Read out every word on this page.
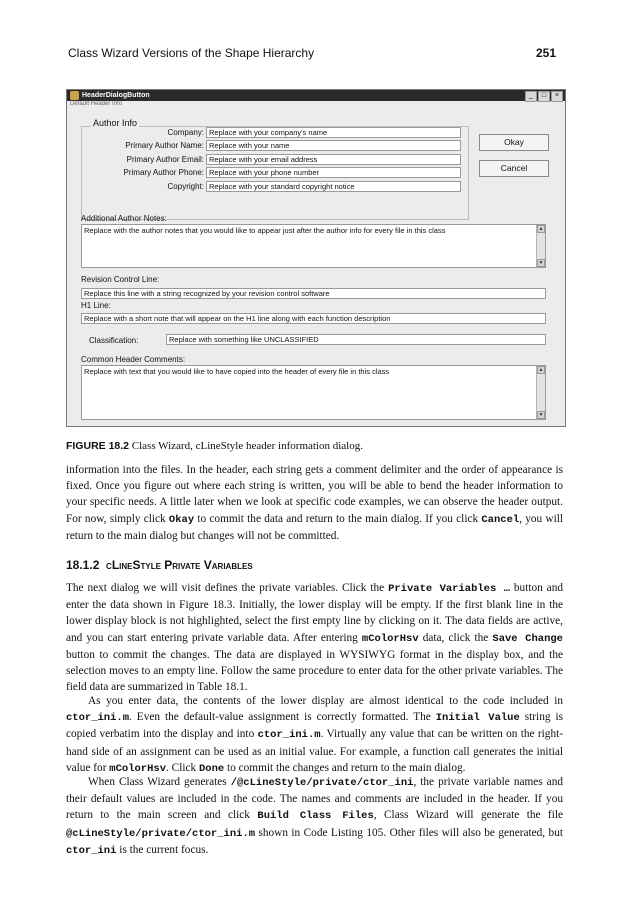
Class Wizard Versions of the Shape Hierarchy	251
HeaderDialogButton	_	□	×
Default Header Info
Author Info
Company: Replace with your company's name
Primary Author Name: Replace with your name
Primary Author Email: Replace with your email address
Primary Author Phone: Replace with your phone number
Copyright: Replace with your standard copyright notice
Okay
Cancel
Additional Author Notes:
Replace with the author notes that you would like to appear just after the author info for every file in this class	▲
▼
Revision Control Line:
Replace this line with a string recognized by your revision control software
H1 Line:
Replace with a short note that will appear on the H1 line along with each function description
Classification:	Replace with something like UNCLASSIFIED
Common Header Comments:
Replace with text that you would like to have copied into the header of every file in this class	▲
▼
FIGURE 18.2 Class Wizard, cLineStyle header information dialog.

information into the files. In the header, each string gets a comment delimiter and the order of appearance is fixed. Once you figure out where each string is written, you will be able to bend the header information to your specific needs. A little later when we look at specific code examples, we can observe the header output. For now, simply click Okay to commit the data and return to the main dialog. If you click Cancel, you will return to the main dialog but changes will not be committed.

18.1.2 cLineStyle Private Variables

The next dialog we will visit defines the private variables. Click the Private Variables … button and enter the data shown in Figure 18.3. Initially, the lower display will be empty. If the first blank line in the lower display block is not highlighted, select the first empty line by clicking on it. The data fields are active, and you can start entering private variable data. After entering mColorHsv data, click the Save Change button to commit the changes. The data are displayed in WYSIWYG format in the display box, and the selection moves to an empty line. Follow the same procedure to enter data for the other private variables. The field data are summarized in Table 18.1.

As you enter data, the contents of the lower display are almost identical to the code included in ctor_ini.m. Even the default-value assignment is correctly formatted. The Initial Value string is copied verbatim into the display and into ctor_ini.m. Virtually any value that can be written on the right-hand side of an assignment can be used as an initial value. For example, a function call generates the initial value for mColorHsv. Click Done to commit the changes and return to the main dialog.

When Class Wizard generates /@cLineStyle/private/ctor_ini, the private variable names and their default values are included in the code. The names and comments are included in the header. If you return to the main screen and click Build Class Files, Class Wizard will generate the file @cLineStyle/private/ctor_ini.m shown in Code Listing 105. Other files will also be generated, but ctor_ini is the current focus.
